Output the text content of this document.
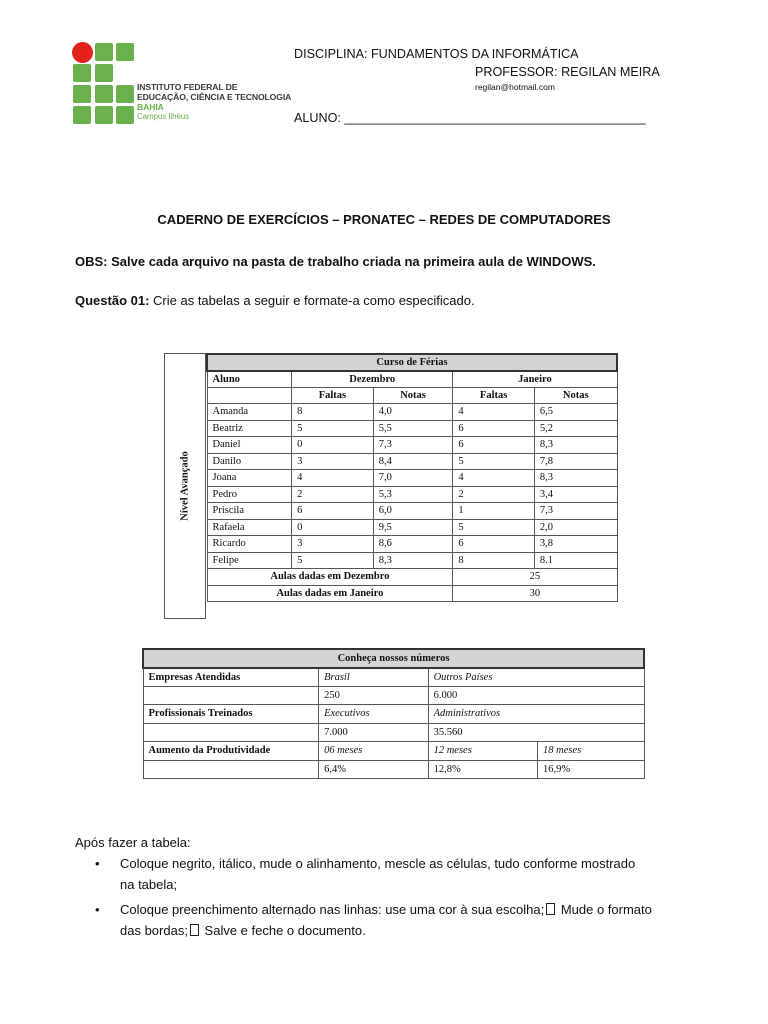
INSTITUTO FEDERAL DE
EDUCAÇÃO, CIÊNCIA E TECNOLOGIA
BAHIA
Campus Ilhéus
DISCIPLINA: FUNDAMENTOS DA INFORMÁTICA
PROFESSOR: REGILAN MEIRA
regilan@hotmail.com
ALUNO: ___________________________________________
CADERNO DE EXERCÍCIOS – PRONATEC – REDES DE COMPUTADORES
OBS: Salve cada arquivo na pasta de trabalho criada na primeira aula de WINDOWS.
Questão 01: Crie as tabelas a seguir e formate-a como especificado.
Nível Avançado
Curso de Férias				
Aluno	Dezembro		Janeiro	
	Faltas	Notas	Faltas	Notas
Amanda	8	4,0	4	6,5
Beatriz	5	5,5	6	5,2
Daniel	0	7,3	6	8,3
Danilo	3	8,4	5	7,8
Joana	4	7,0	4	8,3
Pedro	2	5,3	2	3,4
Priscila	6	6,0	1	7,3
Rafaela	0	9,5	5	2,0
Ricardo	3	8,6	6	3,8
Felipe	5	8,3	8	8.1
Aulas dadas em Dezembro			25	
Aulas dadas em Janeiro			30	
Conheça nossos números			
Empresas Atendidas	Brasil	Outros Países	
	250	6.000	
Profissionais Treinados	Executivos	Administrativos	
	7.000	35.560	
Aumento da Produtividade	06 meses	12 meses	18 meses
	6,4%	12,8%	16,9%
Após fazer a tabela:
• Coloque negrito, itálico, mude o alinhamento, mescle as células, tudo conforme mostrado
na tabela;
• Coloque preenchimento alternado nas linhas: use uma cor à sua escolha; Mude o formato
das bordas; Salve e feche o documento.
